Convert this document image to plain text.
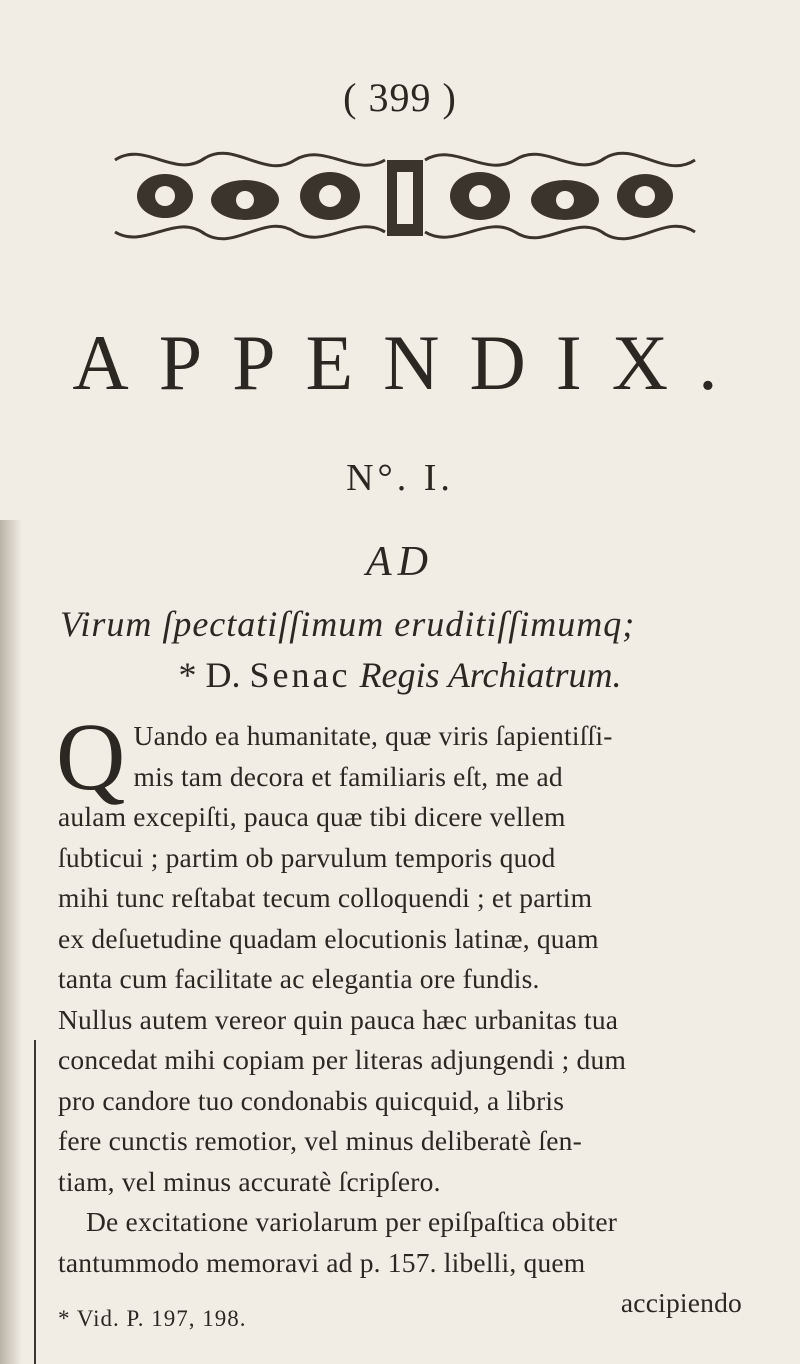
( 399 )
APPENDIX.
N°. I.
AD
Virum ſpectatiſſimum eruditiſſimumq;
* D. Senac Regis Archiatrum.
Q Uando ea humanitate, quæ viris ſapientiſſi-
mis tam decora et familiaris eſt, me ad
aulam excepiſti, pauca quæ tibi dicere vellem
ſubticui ; partim ob parvulum temporis quod
mihi tunc reſtabat tecum colloquendi ; et partim
ex deſuetudine quadam elocutionis latinæ, quam
tanta cum facilitate ac elegantia ore fundis.
Nullus autem vereor quin pauca hæc urbanitas tua
concedat mihi copiam per literas adjungendi ; dum
pro candore tuo condonabis quicquid, a libris
fere cunctis remotior, vel minus deliberatè ſen-
tiam, vel minus accuratè ſcripſero.
De excitatione variolarum per epiſpaſtica obiter
tantummodo memoravi ad p. 157. libelli, quem
accipiendo
* Vid. P. 197, 198.
